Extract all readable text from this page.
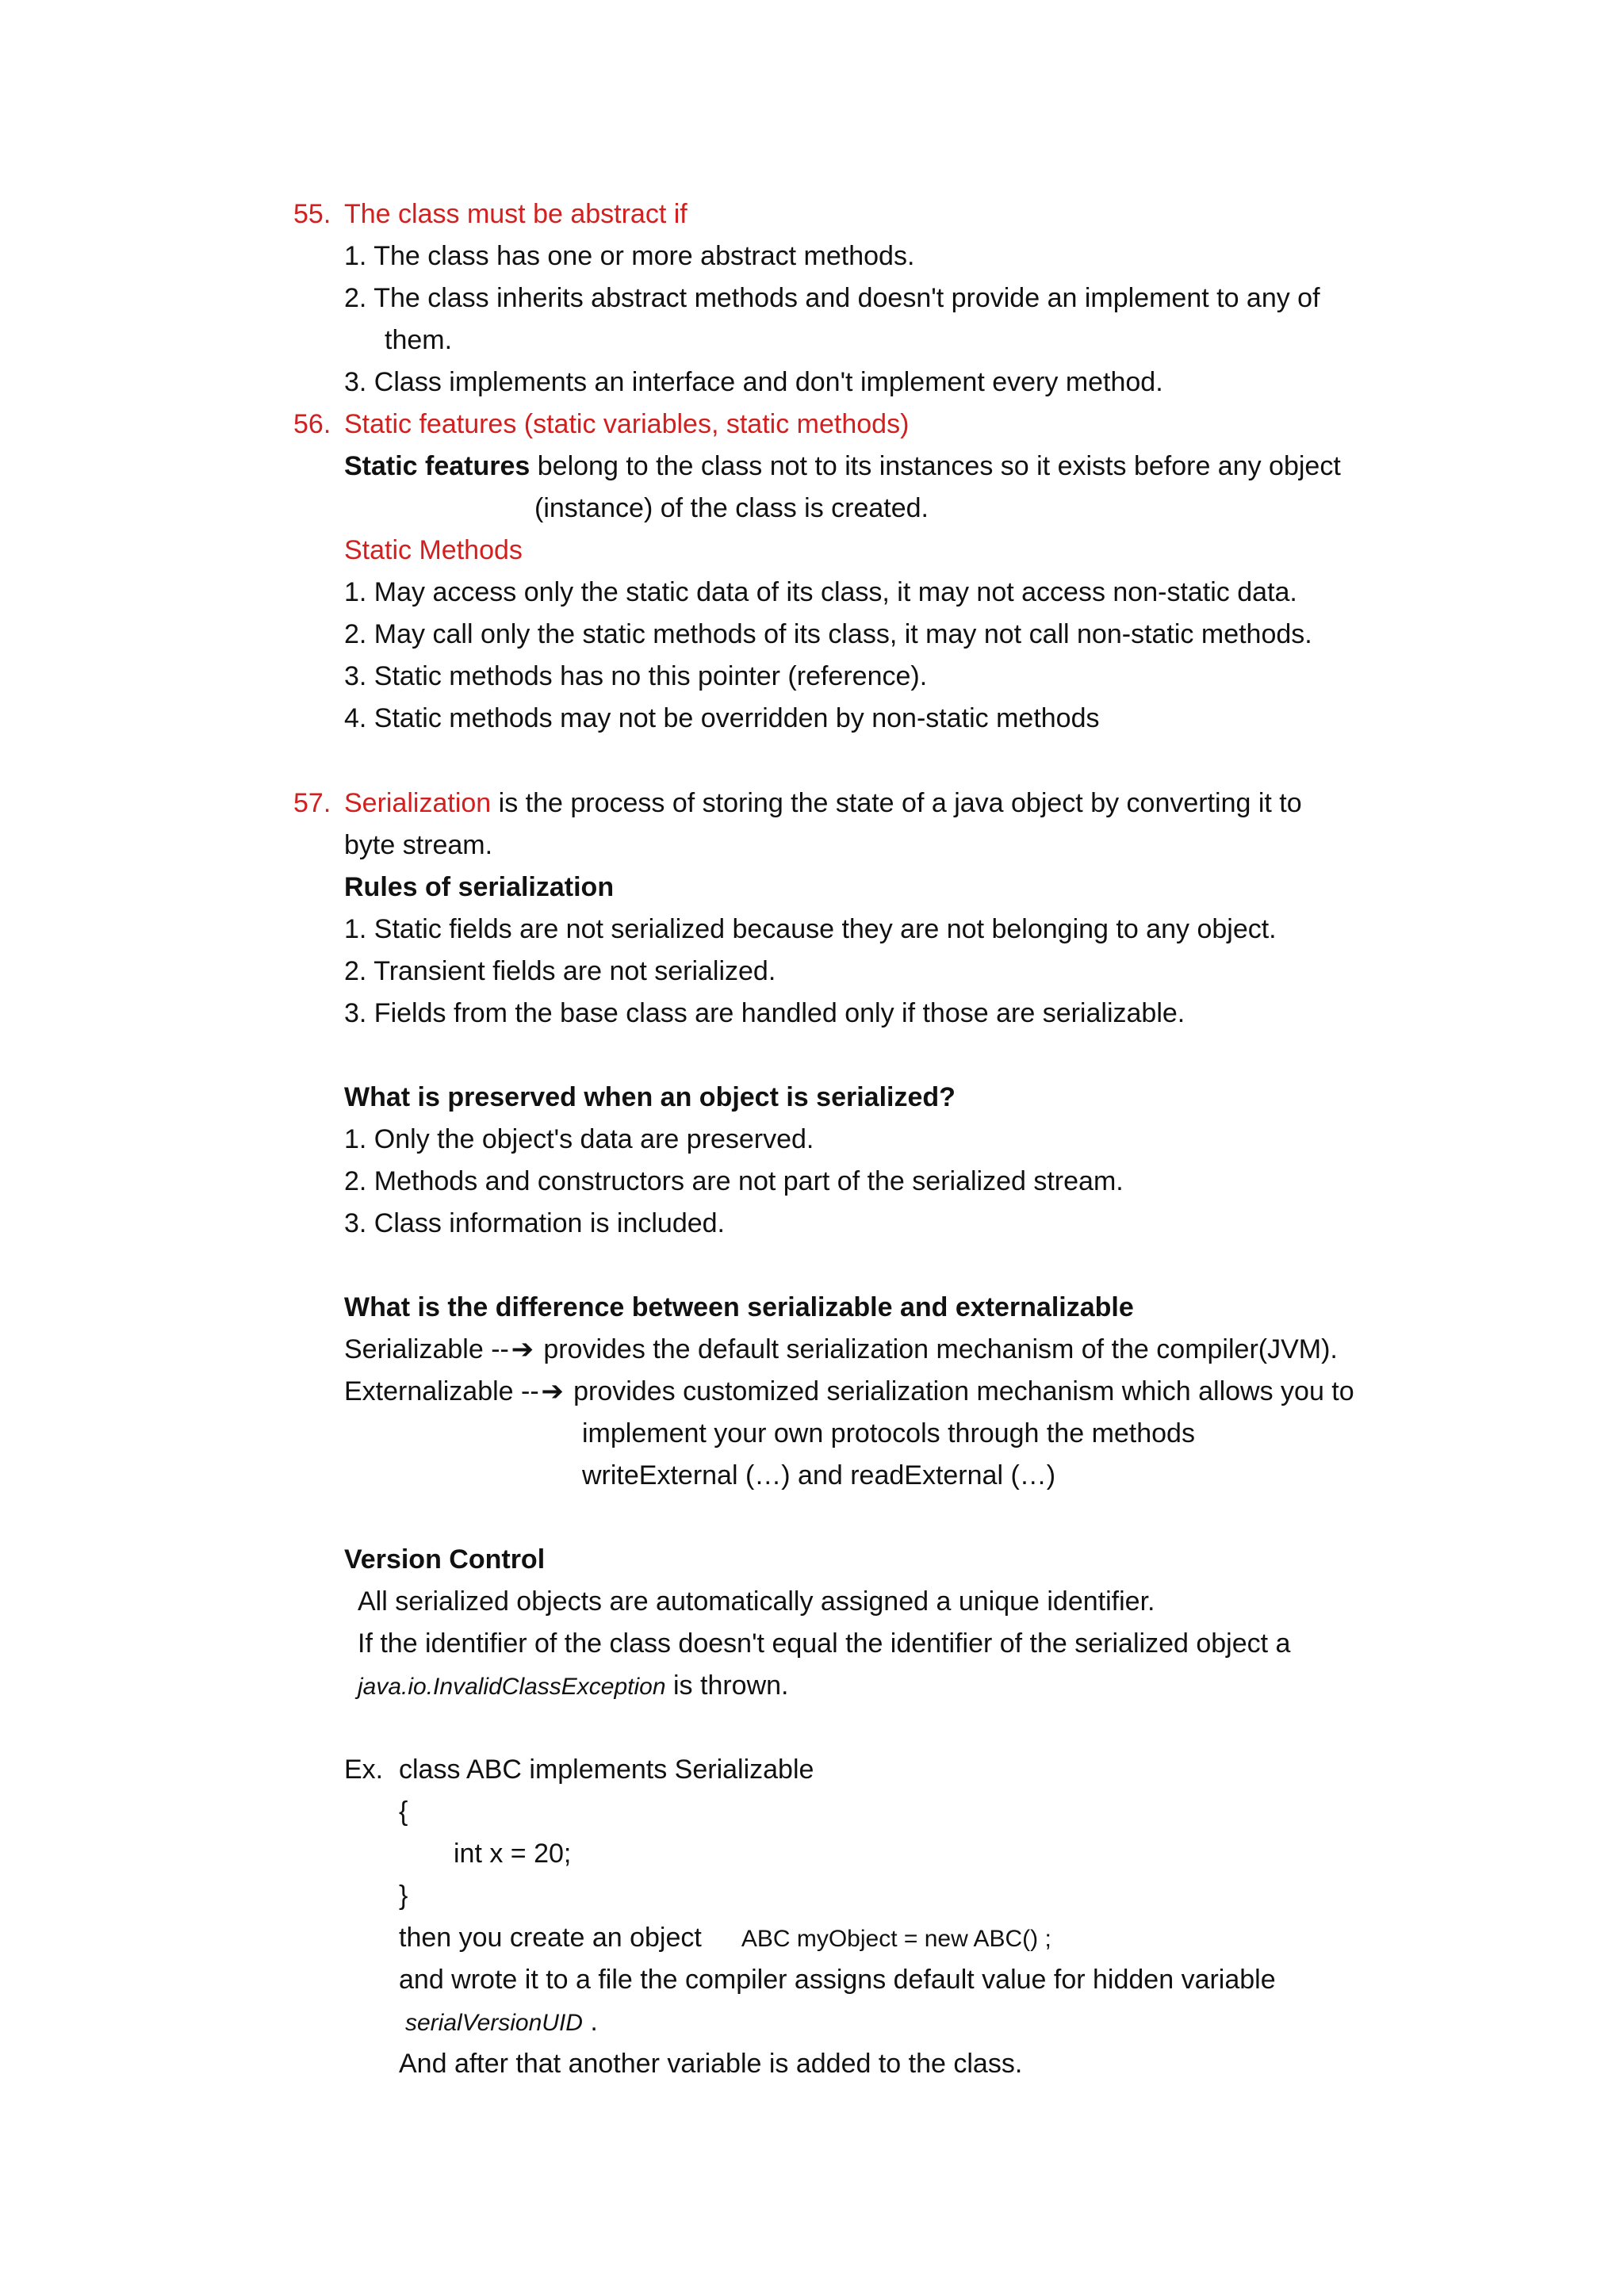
55. The class must be abstract if
1. The class has one or more abstract methods.
2. The class inherits abstract methods and doesn't provide an implement to any of
them.
3. Class implements an interface and don't implement every method.
56. Static features (static variables, static methods)
Static features belong to the class not to its instances so it exists before any object
(instance) of the class is created.
Static Methods
1. May access only the static data of its class, it may not access non-static data.
2. May call only the static methods of its class, it may not call non-static methods.
3. Static methods has no this pointer (reference).
4. Static methods may not be overridden by non-static methods
57. Serialization is the process of storing the state of a java object by converting it to
byte stream.
Rules of serialization
1. Static fields are not serialized because they are not belonging to any object.
2. Transient fields are not serialized.
3. Fields from the base class are handled only if those are serializable.
What is preserved when an object is serialized?
1. Only the object's data are preserved.
2. Methods and constructors are not part of the serialized stream.
3. Class information is included.
What is the difference between serializable and externalizable
Serializable --➔ provides the default serialization mechanism of the compiler(JVM).
Externalizable --➔ provides customized serialization mechanism which allows you to
implement your own protocols through the methods
writeExternal (…) and readExternal (…)
Version Control
All serialized objects are automatically assigned a unique identifier.
If the identifier of the class doesn't equal the identifier of the serialized object a
java.io.InvalidClassException is thrown.
Ex. class ABC implements Serializable
{
int x = 20;
}
then you create an object ABC myObject = new ABC() ;
and wrote it to a file the compiler assigns default value for hidden variable
serialVersionUID .
And after that another variable is added to the class.
